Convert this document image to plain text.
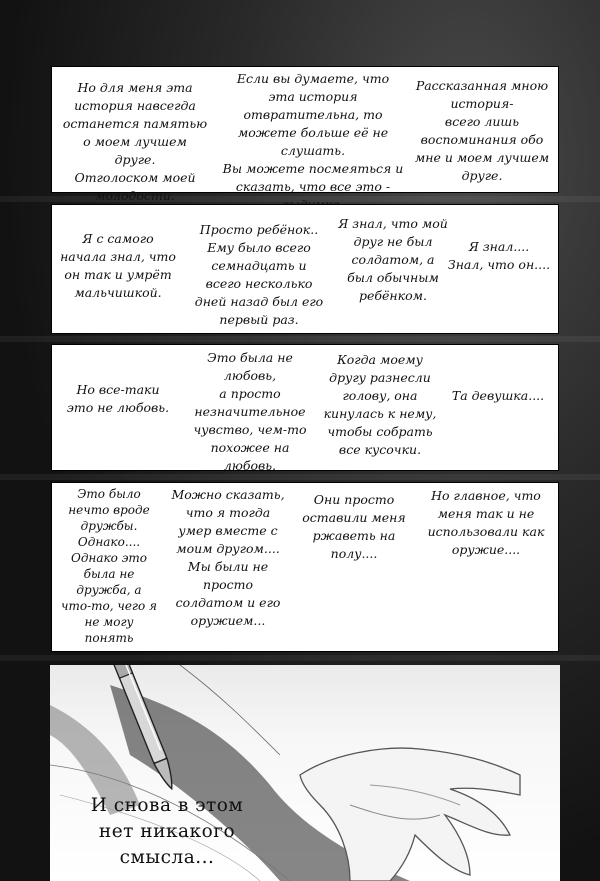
Но для меня эта
история навсегда
останется памятью
о моем лучшем
друге.
Отголоском моей
молодости.
Если вы думаете, что
эта история
отвратительна, то
можете больше её не
слушать.
Вы можете посмеяться и
сказать, что все это -

Рассказанная мною
история-
всего лишь
воспоминания обо
мне и моем лучшем
друге.
Я с самого
начала знал, что
он так и умрёт
мальчишкой.
Просто ребёнок..
Ему было всего
семнадцать и
всего несколько
дней назад был его
первый раз.
Я знал, что мой
друг не был
солдатом, а
был обычным
ребёнком.
Я знал....
Знал, что он....
Но все-таки
это не любовь.
Это была не
любовь,
а просто
незначительное
чувство, чем-то
похожее на
любовь.
Когда моему
другу разнесли
голову, она
кинулась к нему,
чтобы собрать
все кусочки.
Та девушка....
Это было
нечто вроде
дружбы.
Однако....
Однако это
была не
дружба, а
что-то, чего я
не могу
понять
Можно сказать,
что я тогда
умер вместе с
моим другом....
Мы были не
просто
солдатом и его
оружием...
Они просто
оставили меня
ржаветь на полу....
Но главное, что
меня так и не
использовали как
оружие....
И снова в этом
нет никакого
смысла...
